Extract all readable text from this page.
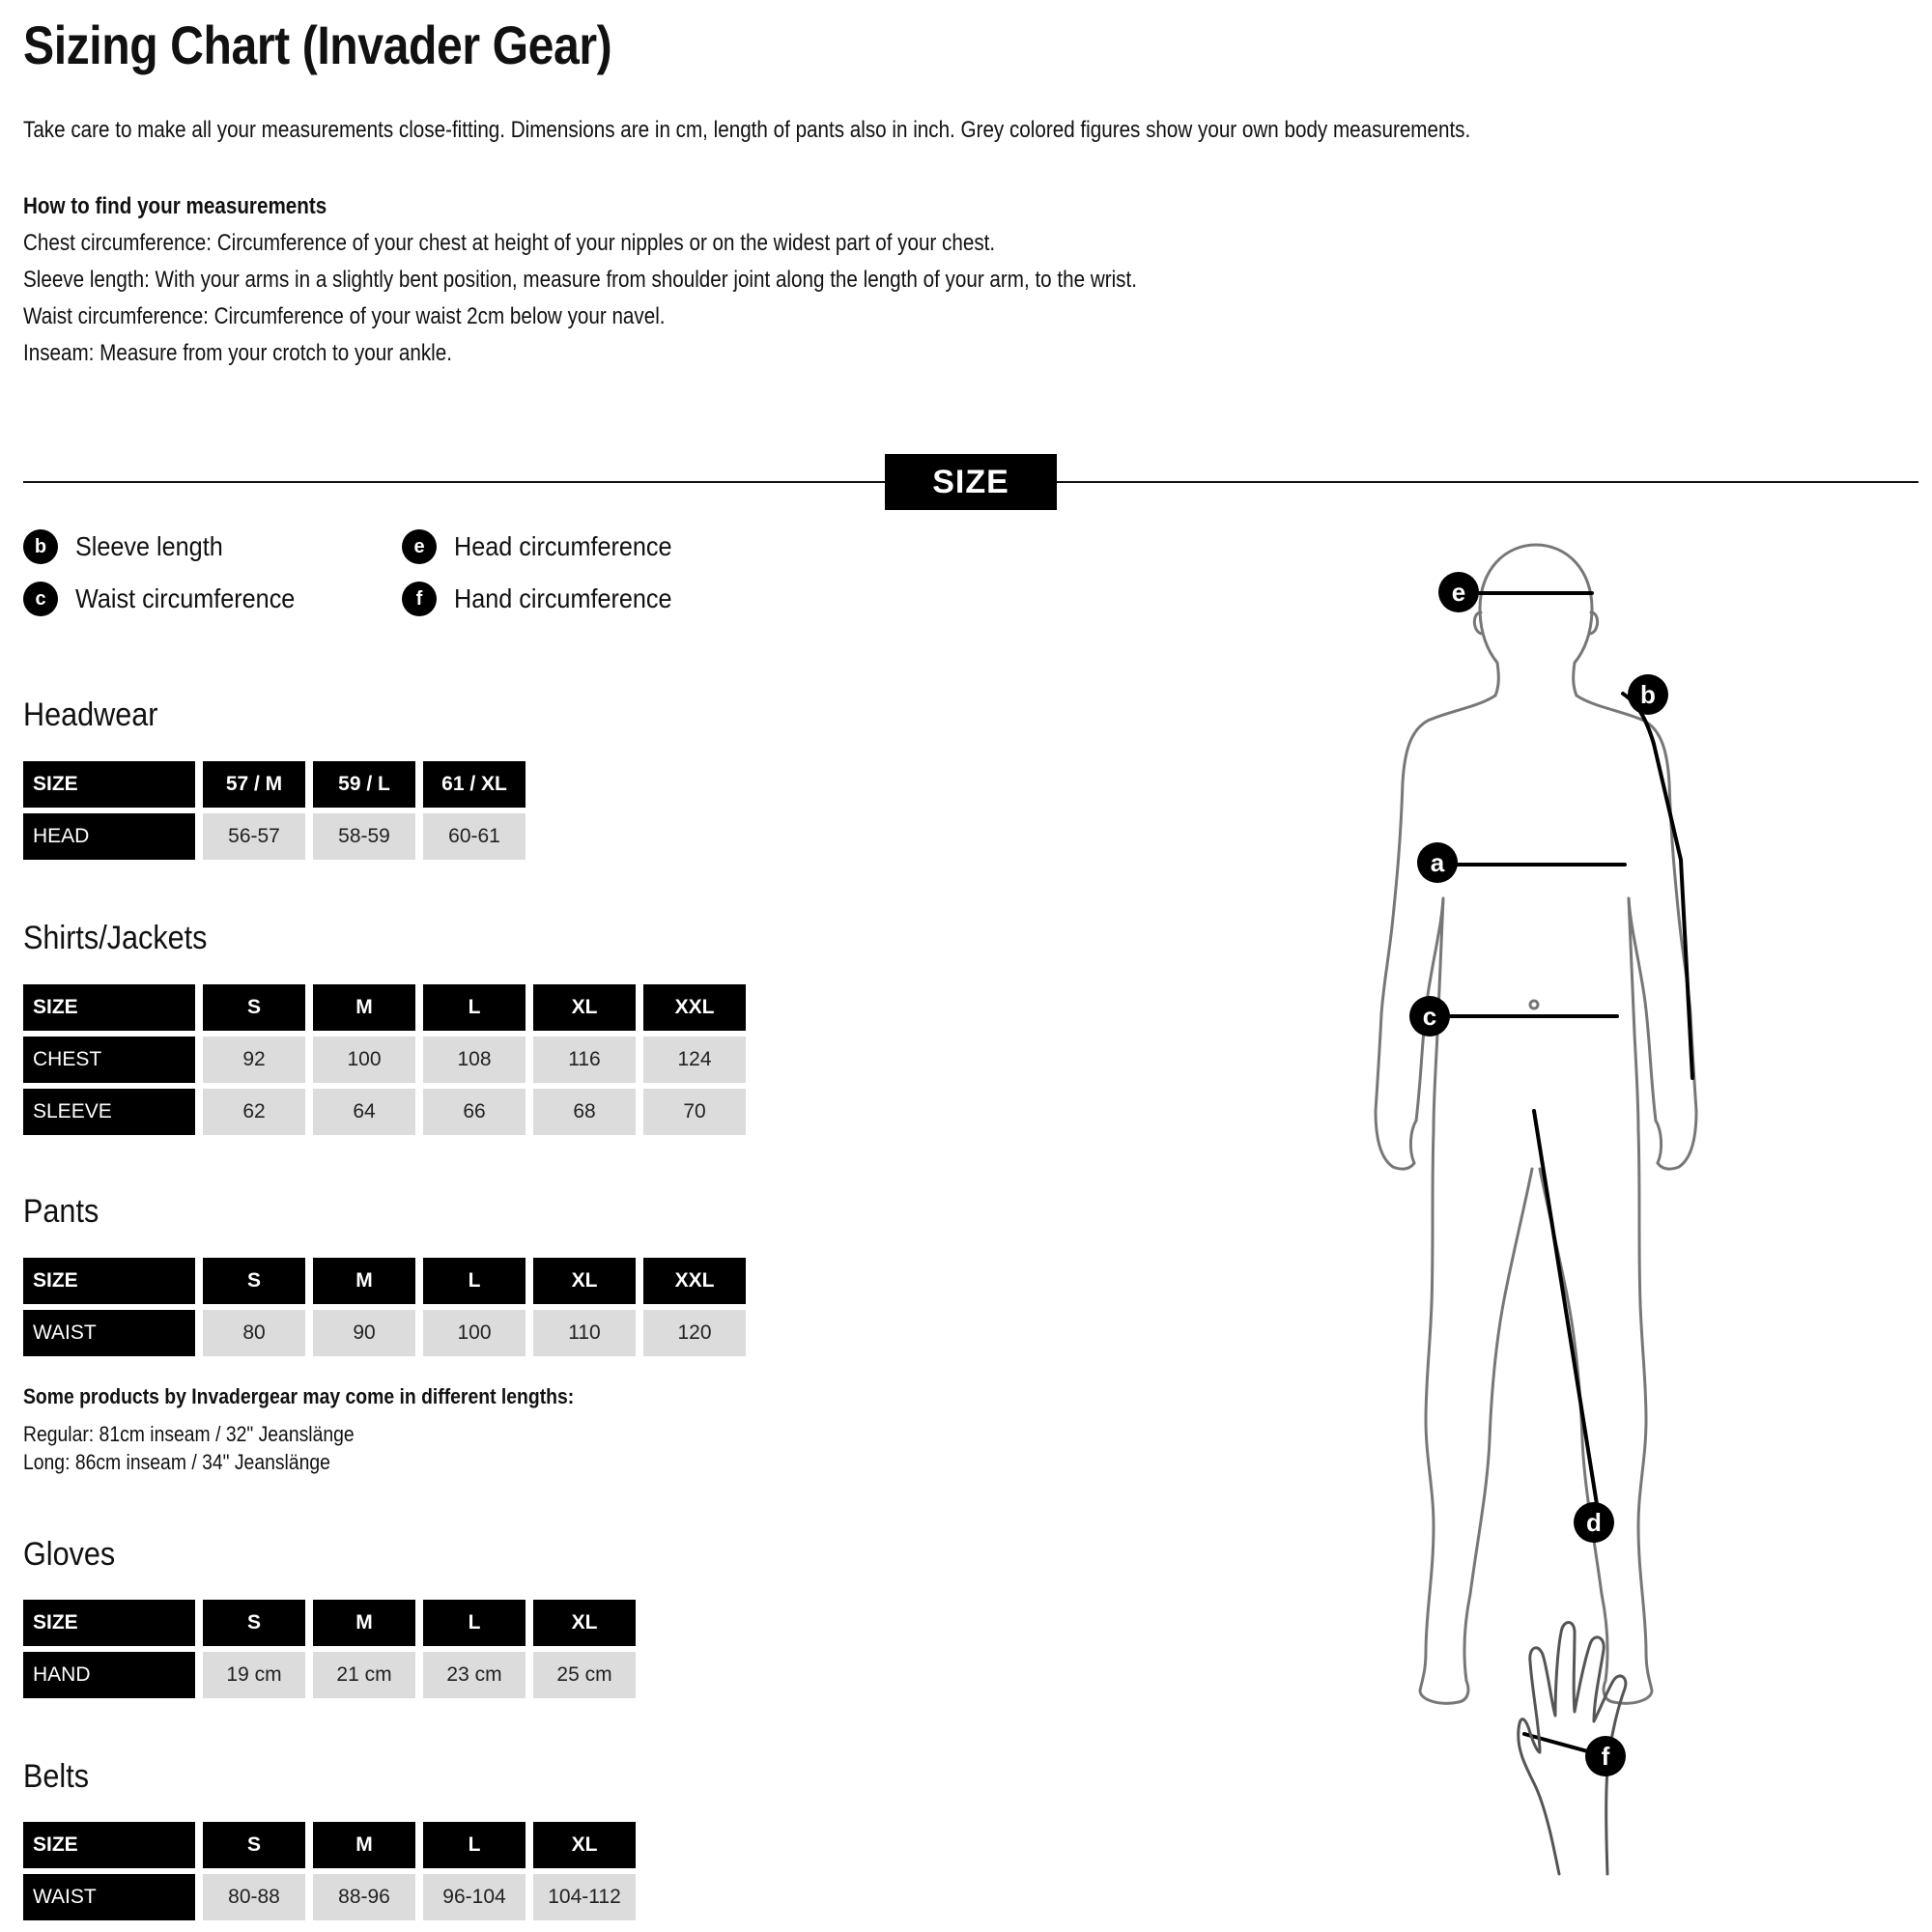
Sizing Chart (Invader Gear)
Take care to make all your measurements close-fitting. Dimensions are in cm, length of pants also in inch. Grey colored figures show your own body measurements.
How to find your measurements
Chest circumference: Circumference of your chest at height of your nipples or on the widest part of your chest.
Sleeve length: With your arms in a slightly bent position, measure from shoulder joint along the length of your arm, to the wrist.
Waist circumference: Circumference of your waist 2cm below your navel.
Inseam: Measure from your crotch to your ankle.
SIZE
b	Sleeve length
c	Waist circumference
e	Head circumference
f	Hand circumference
Headwear
SIZE	57 / M	59 / L	61 / XL
HEAD	56-57	58-59	60-61
Shirts/Jackets
SIZE	S	M	L	XL	XXL
CHEST	92	100	108	116	124
SLEEVE	62	64	66	68	70
Pants
SIZE	S	M	L	XL	XXL
WAIST	80	90	100	110	120
Some products by Invadergear may come in different lengths:
Regular: 81cm inseam / 32" Jeanslänge
Long: 86cm inseam / 34" Jeanslänge
Gloves
SIZE	S	M	L	XL
HAND	19 cm	21 cm	23 cm	25 cm
Belts
SIZE	S	M	L	XL
WAIST	80-88	88-96	96-104	104-112
e
b
a
c
d
f
